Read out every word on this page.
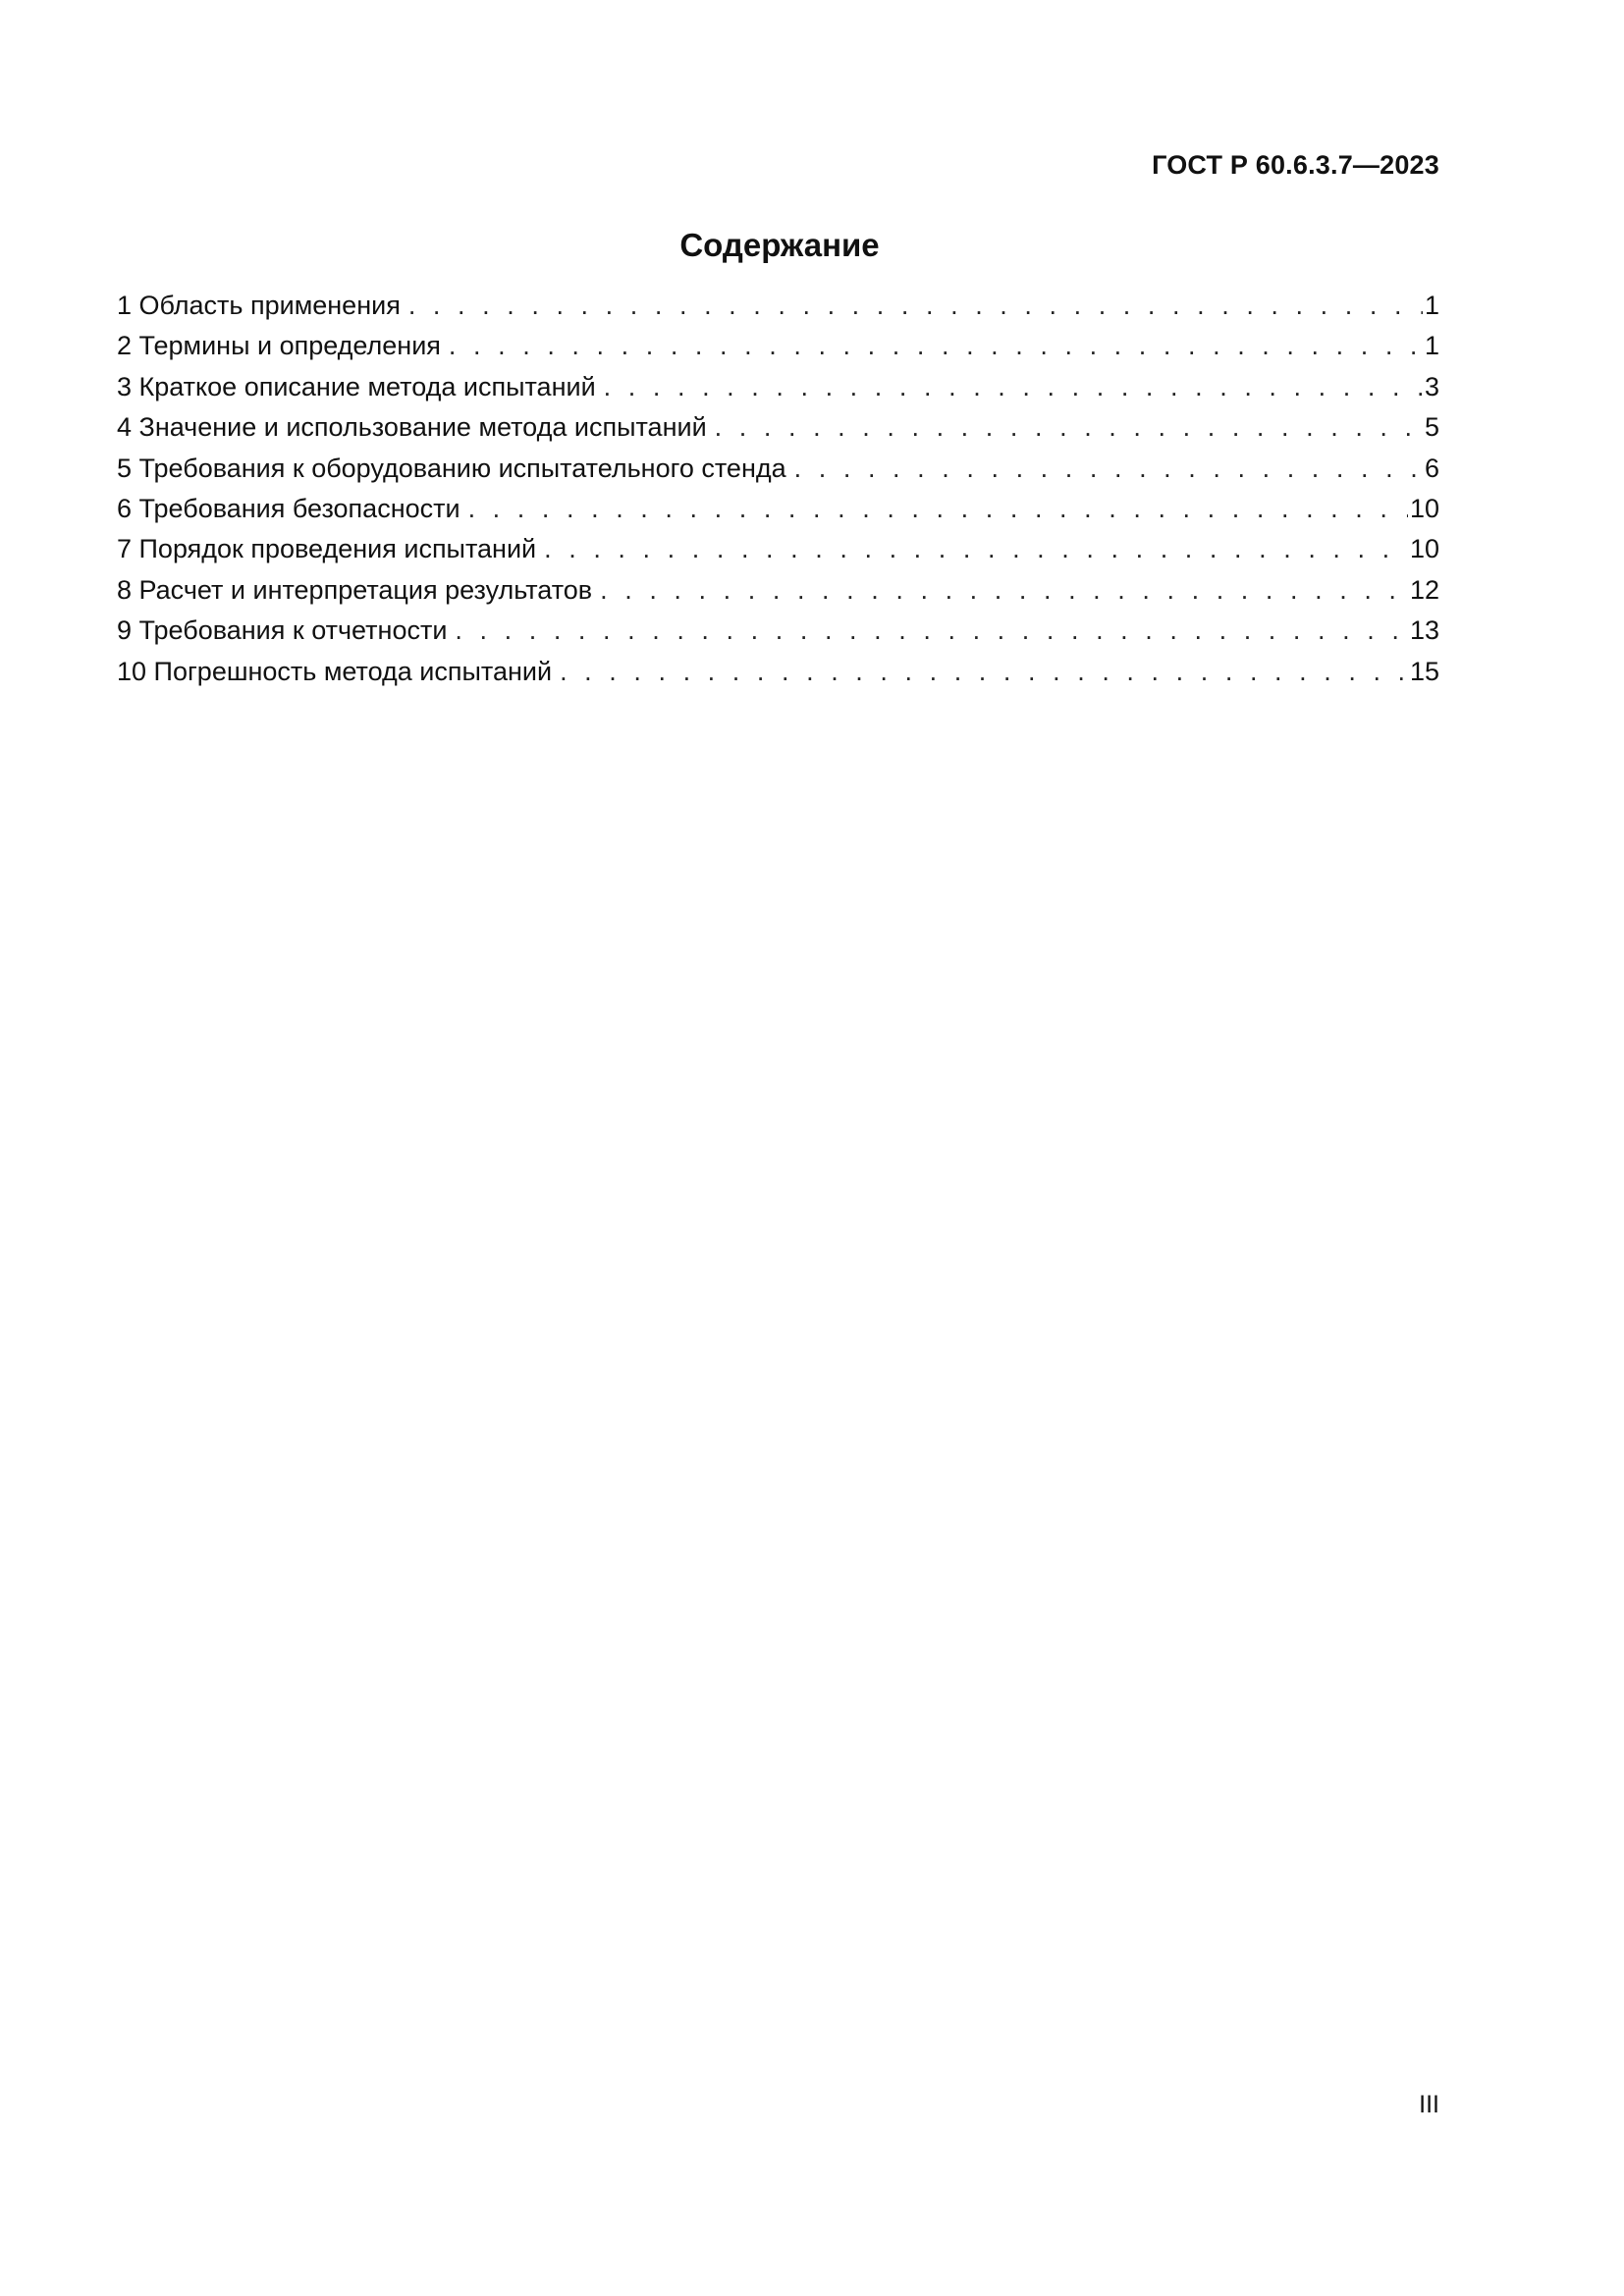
ГОСТ Р 60.6.3.7—2023
Содержание
1 Область применения . . .	1
2 Термины и определения . . .	1
3 Краткое описание метода испытаний . . .	3
4 Значение и использование метода испытаний . . .	5
5 Требования к оборудованию испытательного стенда . . .	6
6 Требования безопасности . . .	10
7 Порядок проведения испытаний . . .	10
8 Расчет и интерпретация результатов . . .	12
9 Требования к отчетности . . .	13
10 Погрешность метода испытаний . . .	15
III
